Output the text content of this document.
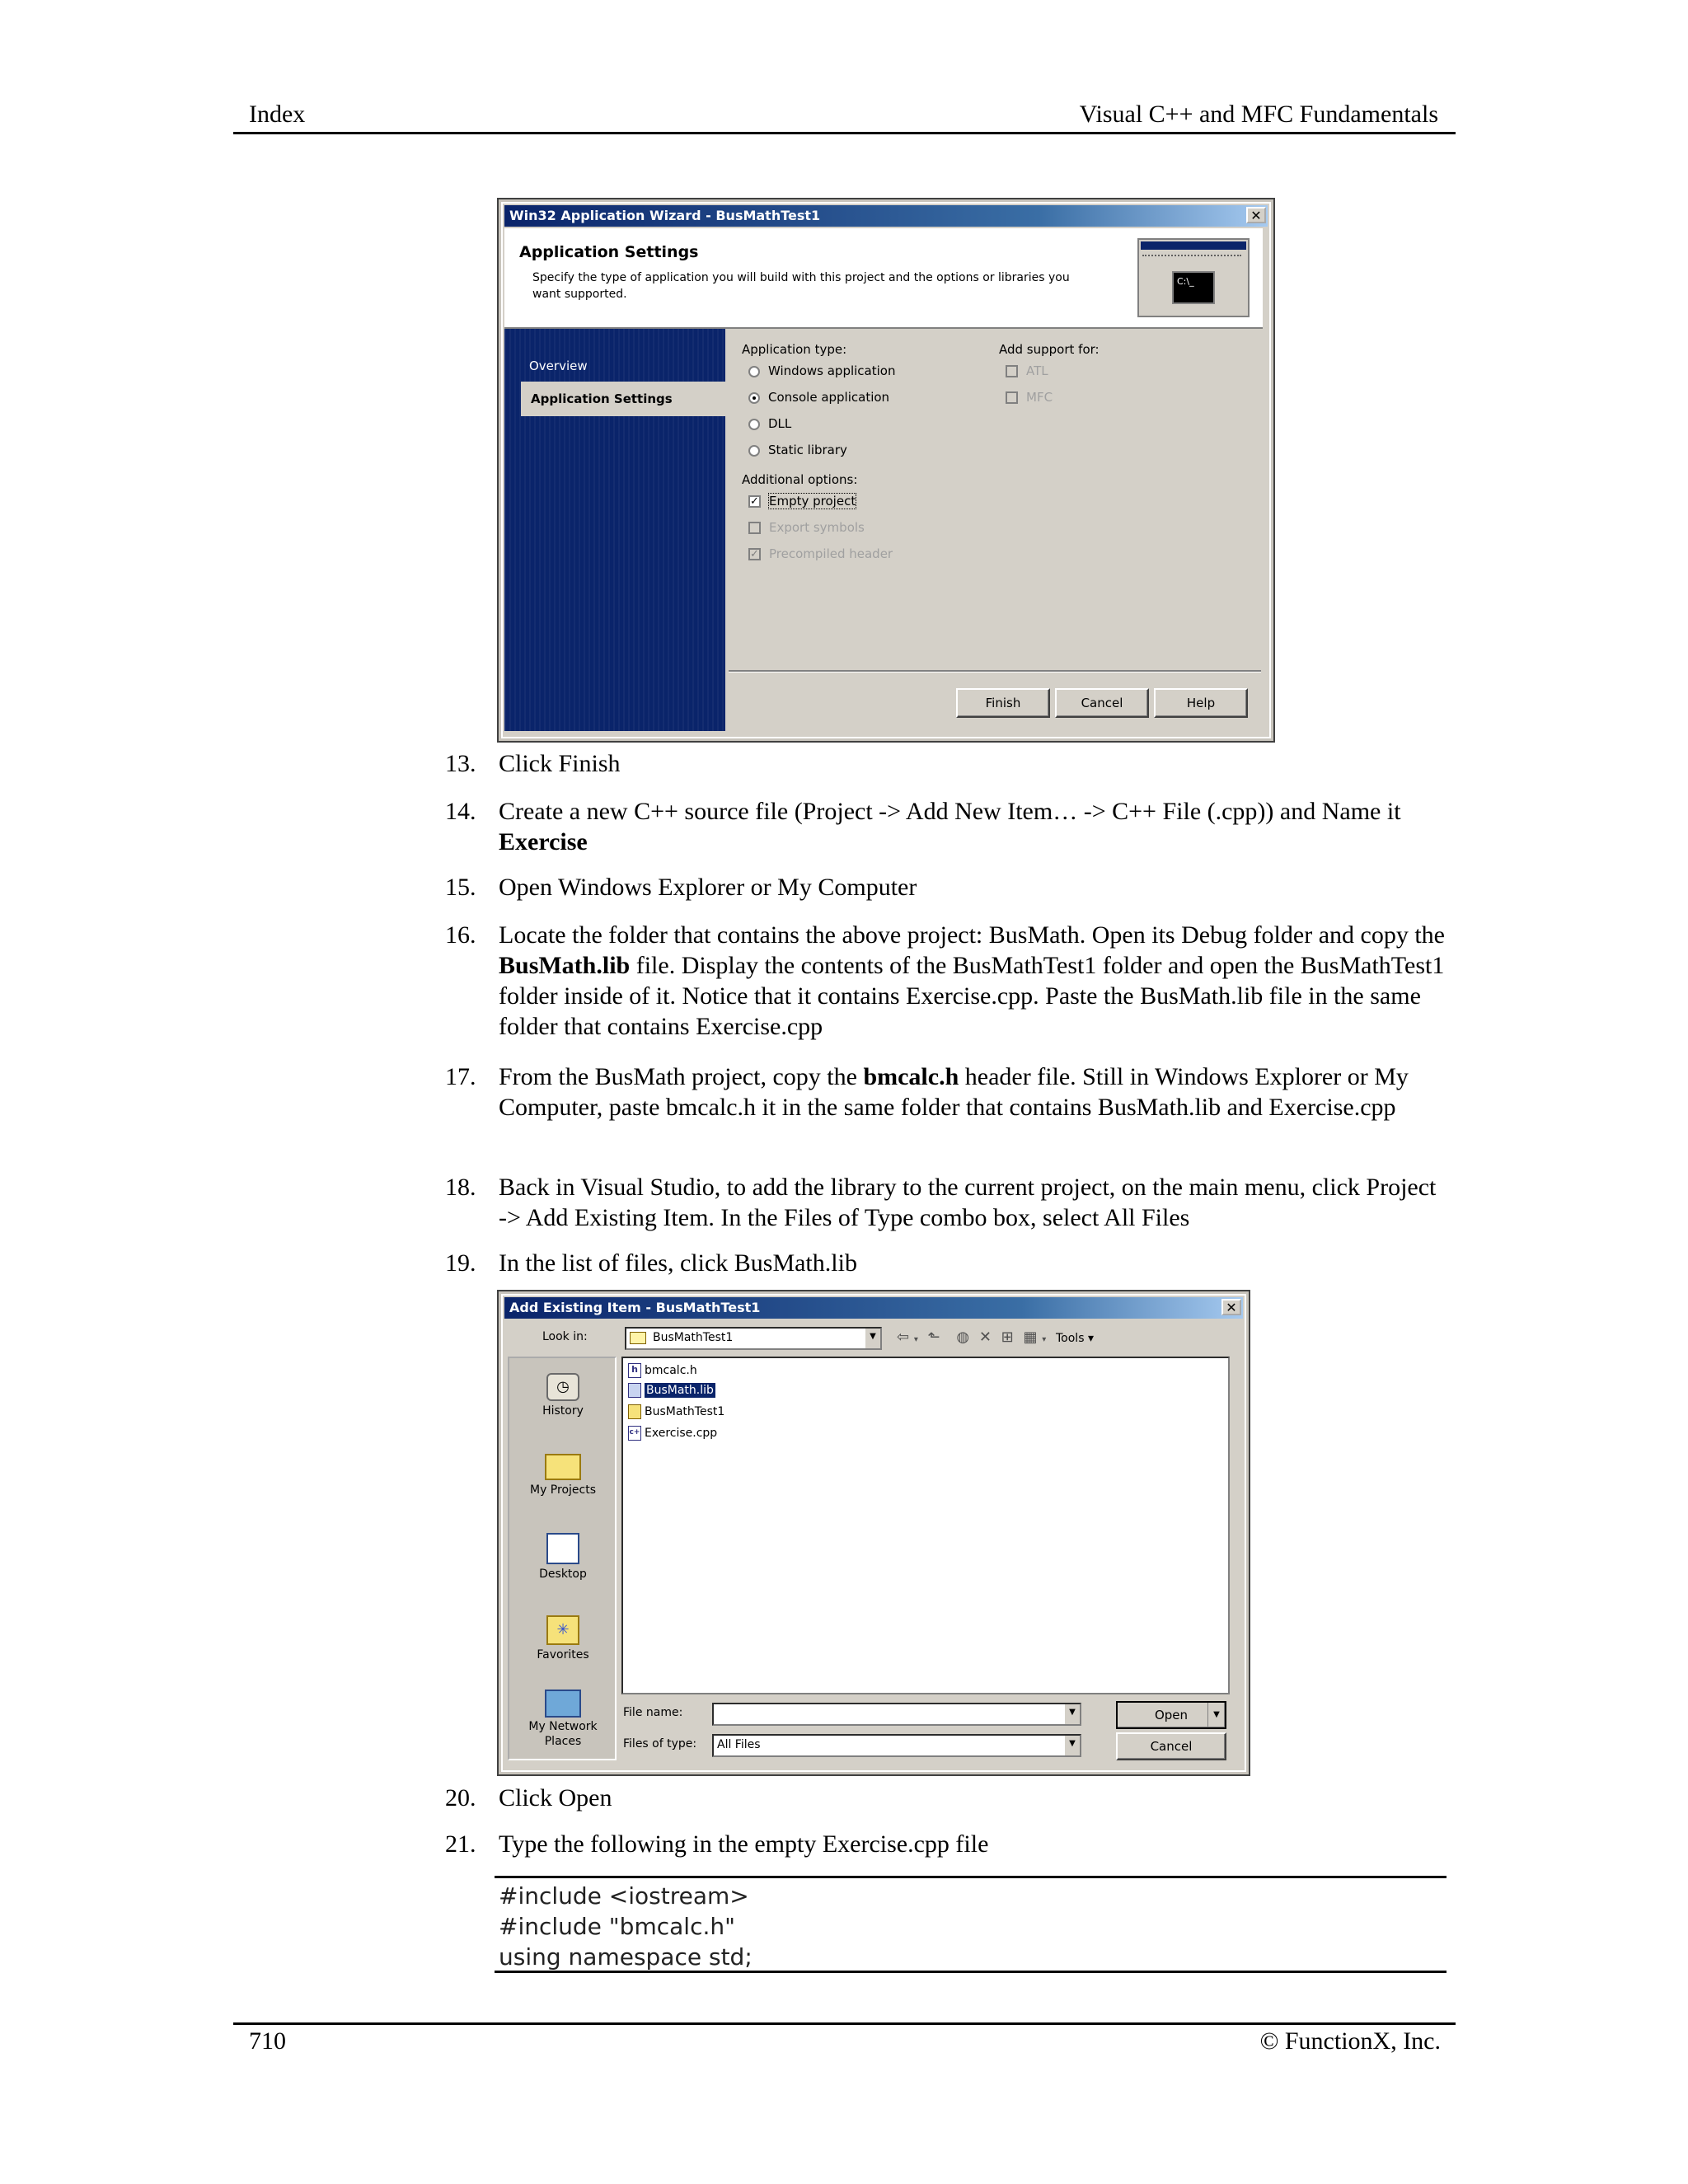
Index	Visual C++ and MFC Fundamentals
Win32 Application Wizard - BusMathTest1	✕
Application Settings
Specify the type of application you will build with this project and the options or libraries you
want supported.
C:\_
Overview
Application Settings
Application type:
Windows application
Console application
DLL
Static library
Add support for:
ATL
MFC
Additional options:
✓ Empty project
Export symbols
✓ Precompiled header
Finish	Cancel	Help
13. Click Finish
14. Create a new C++ source file (Project -> Add New Item… -> C++ File (.cpp)) and Name it Exercise
15. Open Windows Explorer or My Computer
16. Locate the folder that contains the above project: BusMath. Open its Debug folder and copy the BusMath.lib file. Display the contents of the BusMathTest1 folder and open the BusMathTest1 folder inside of it. Notice that it contains Exercise.cpp. Paste the BusMath.lib file in the same folder that contains Exercise.cpp
17. From the BusMath project, copy the bmcalc.h header file. Still in Windows Explorer or My Computer, paste bmcalc.h it in the same folder that contains BusMath.lib and Exercise.cpp
18. Back in Visual Studio, to add the library to the current project, on the main menu, click Project -> Add Existing Item. In the Files of Type combo box, select All Files
19. In the list of files, click BusMath.lib
Add Existing Item - BusMathTest1	✕
Look in:	BusMathTest1	▼ ⇦ ▾ ⬑ ◍ ✕ ⊞ ▦ ▾ Tools ▾
◷
History
My Projects
Desktop
✳
Favorites
My Network Places
h bmcalc.h
BusMath.lib
BusMathTest1
c+ Exercise.cpp
File name:	▼
Files of type:	All Files	▼
Open	▼
Cancel
20. Click Open
21. Type the following in the empty Exercise.cpp file
#include <iostream>
#include "bmcalc.h"
using namespace std;
710	© FunctionX, Inc.
